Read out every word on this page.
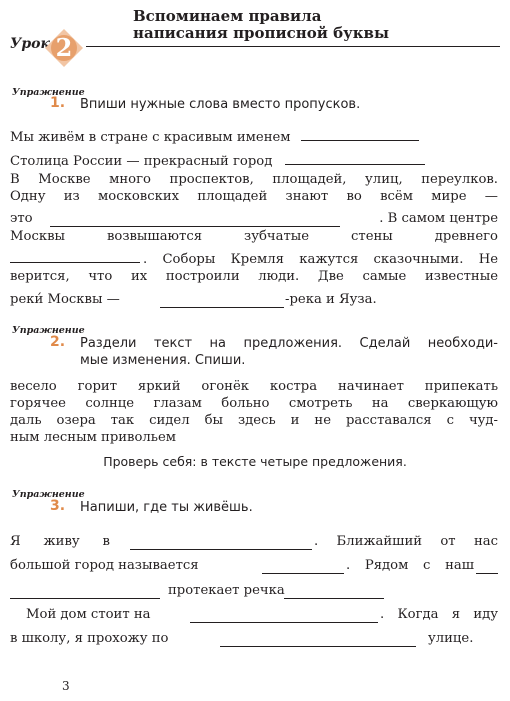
Урок 2
Вспоминаем правила
написания прописной буквы
Упражнение
1. Впиши нужные слова вместо пропусков.
Мы живём в стране с красивым именем
Столица России — прекрасный город
В Москве много проспектов, площадей, улиц, переулков.
Одну из московских площадей знают во всём мире —
это	. В самом центре
Москвы возвышаются зубчатые стены древнего
. Соборы Кремля кажутся сказочными. Не
верится, что их построили люди. Две самые известные
реки́ Москвы —	-река и Яуза.
Упражнение
2. Раздели текст на предложения. Сделай необходи-
мые изменения. Спиши.
весело горит яркий огонёк костра начинает припекать
горячее солнце глазам больно смотреть на сверкающую
даль озера так сидел бы здесь и не расставался с чуд-
ным лесным привольем
Проверь себя: в тексте четыре предложения.
Упражнение
3. Напиши, где ты живёшь.
Я живу в	. Ближайший от нас
большой город называется	. Рядом с наш
протекает речка
Мой дом стоит на	. Когда я иду
в школу, я прохожу по	улице.
3
